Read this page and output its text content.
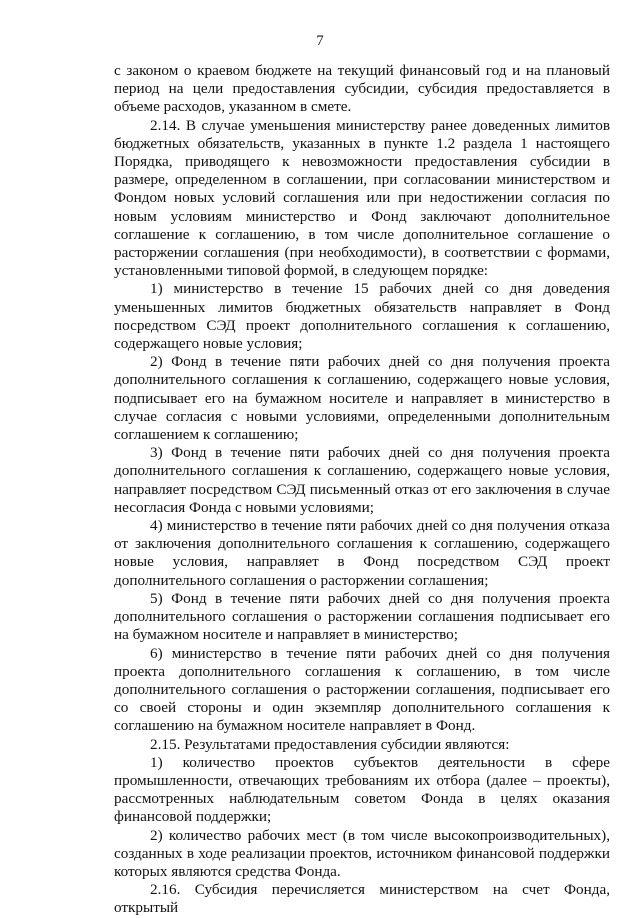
7

с законом о краевом бюджете на текущий финансовый год и на плановый период на цели предоставления субсидии, субсидия предоставляется в объеме расходов, указанном в смете.

2.14. В случае уменьшения министерству ранее доведенных лимитов бюджетных обязательств, указанных в пункте 1.2 раздела 1 настоящего Порядка, приводящего к невозможности предоставления субсидии в размере, определенном в соглашении, при согласовании министерством и Фондом новых условий соглашения или при недостижении согласия по новым условиям министерство и Фонд заключают дополнительное соглашение к соглашению, в том числе дополнительное соглашение о расторжении соглашения (при необходимости), в соответствии с формами, установленными типовой формой, в следующем порядке:

1) министерство в течение 15 рабочих дней со дня доведения уменьшенных лимитов бюджетных обязательств направляет в Фонд посредством СЭД проект дополнительного соглашения к соглашению, содержащего новые условия;

2) Фонд в течение пяти рабочих дней со дня получения проекта дополнительного соглашения к соглашению, содержащего новые условия, подписывает его на бумажном носителе и направляет в министерство в случае согласия с новыми условиями, определенными дополнительным соглашением к соглашению;

3) Фонд в течение пяти рабочих дней со дня получения проекта дополнительного соглашения к соглашению, содержащего новые условия, направляет посредством СЭД письменный отказ от его заключения в случае несогласия Фонда с новыми условиями;

4) министерство в течение пяти рабочих дней со дня получения отказа от заключения дополнительного соглашения к соглашению, содержащего новые условия, направляет в Фонд посредством СЭД проект дополнительного соглашения о расторжении соглашения;

5) Фонд в течение пяти рабочих дней со дня получения проекта дополнительного соглашения о расторжении соглашения подписывает его на бумажном носителе и направляет в министерство;

6) министерство в течение пяти рабочих дней со дня получения проекта дополнительного соглашения к соглашению, в том числе дополнительного соглашения о расторжении соглашения, подписывает его со своей стороны и один экземпляр дополнительного соглашения к соглашению на бумажном носителе направляет в Фонд.

2.15. Результатами предоставления субсидии являются:

1) количество проектов субъектов деятельности в сфере промышленности, отвечающих требованиям их отбора (далее – проекты), рассмотренных наблюдательным советом Фонда в целях оказания финансовой поддержки;

2) количество рабочих мест (в том числе высокопроизводительных), созданных в ходе реализации проектов, источником финансовой поддержки которых являются средства Фонда.

2.16. Субсидия перечисляется министерством на счет Фонда, открытый
